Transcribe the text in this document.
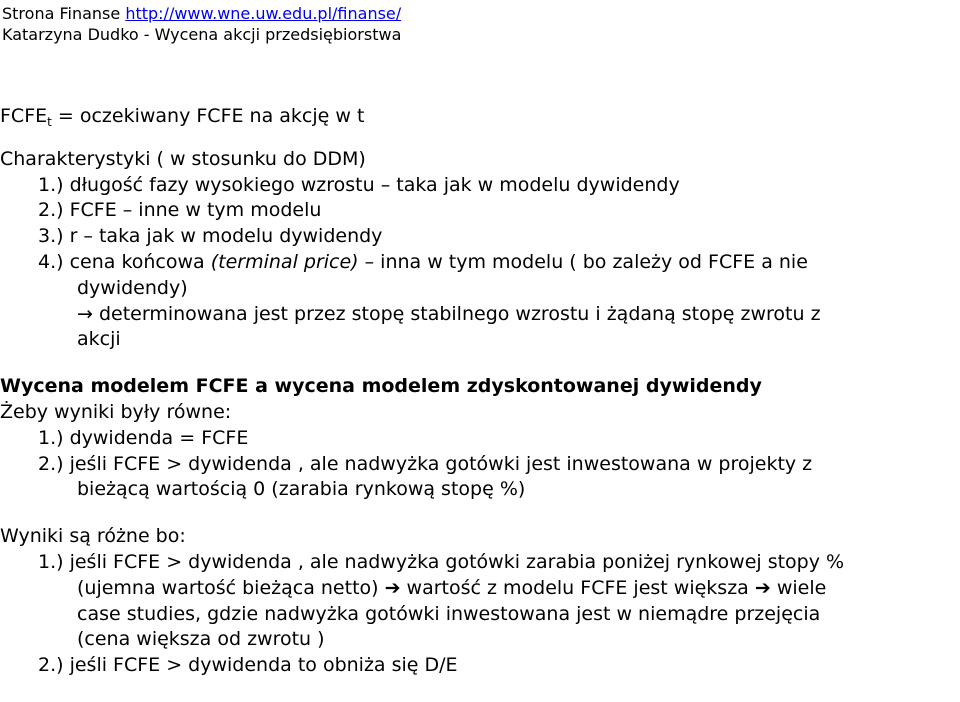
Strona Finanse http://www.wne.uw.edu.pl/finanse/
Katarzyna Dudko - Wycena akcji przedsiębiorstwa
$FCFE_t$ = oczekiwany FCFE na akcję w t
Charakterystyki ( w stosunku do DDM)
1.) długość fazy wysokiego wzrostu – taka jak w modelu dywidendy
2.) FCFE – inne w tym modelu
3.) r – taka jak w modelu dywidendy
4.) cena końcowa (terminal price) – inna w tym modelu ( bo zależy od FCFE a nie
dywidendy)
→ determinowana jest przez stopę stabilnego wzrostu i żądaną stopę zwrotu z
akcji
Wycena modelem FCFE a wycena modelem zdyskontowanej dywidendy
Żeby wyniki były równe:
1.) dywidenda = FCFE
2.) jeśli FCFE > dywidenda , ale nadwyżka gotówki jest inwestowana w projekty z
bieżącą wartością 0 (zarabia rynkową stopę %)
Wyniki są różne bo:
1.) jeśli FCFE > dywidenda , ale nadwyżka gotówki zarabia poniżej rynkowej stopy %
(ujemna wartość bieżąca netto) ➔ wartość z modelu FCFE jest większa ➔ wiele
case studies, gdzie nadwyżka gotówki inwestowana jest w niemądre przejęcia
(cena większa od zwrotu )
2.) jeśli FCFE > dywidenda to obniża się D/E
